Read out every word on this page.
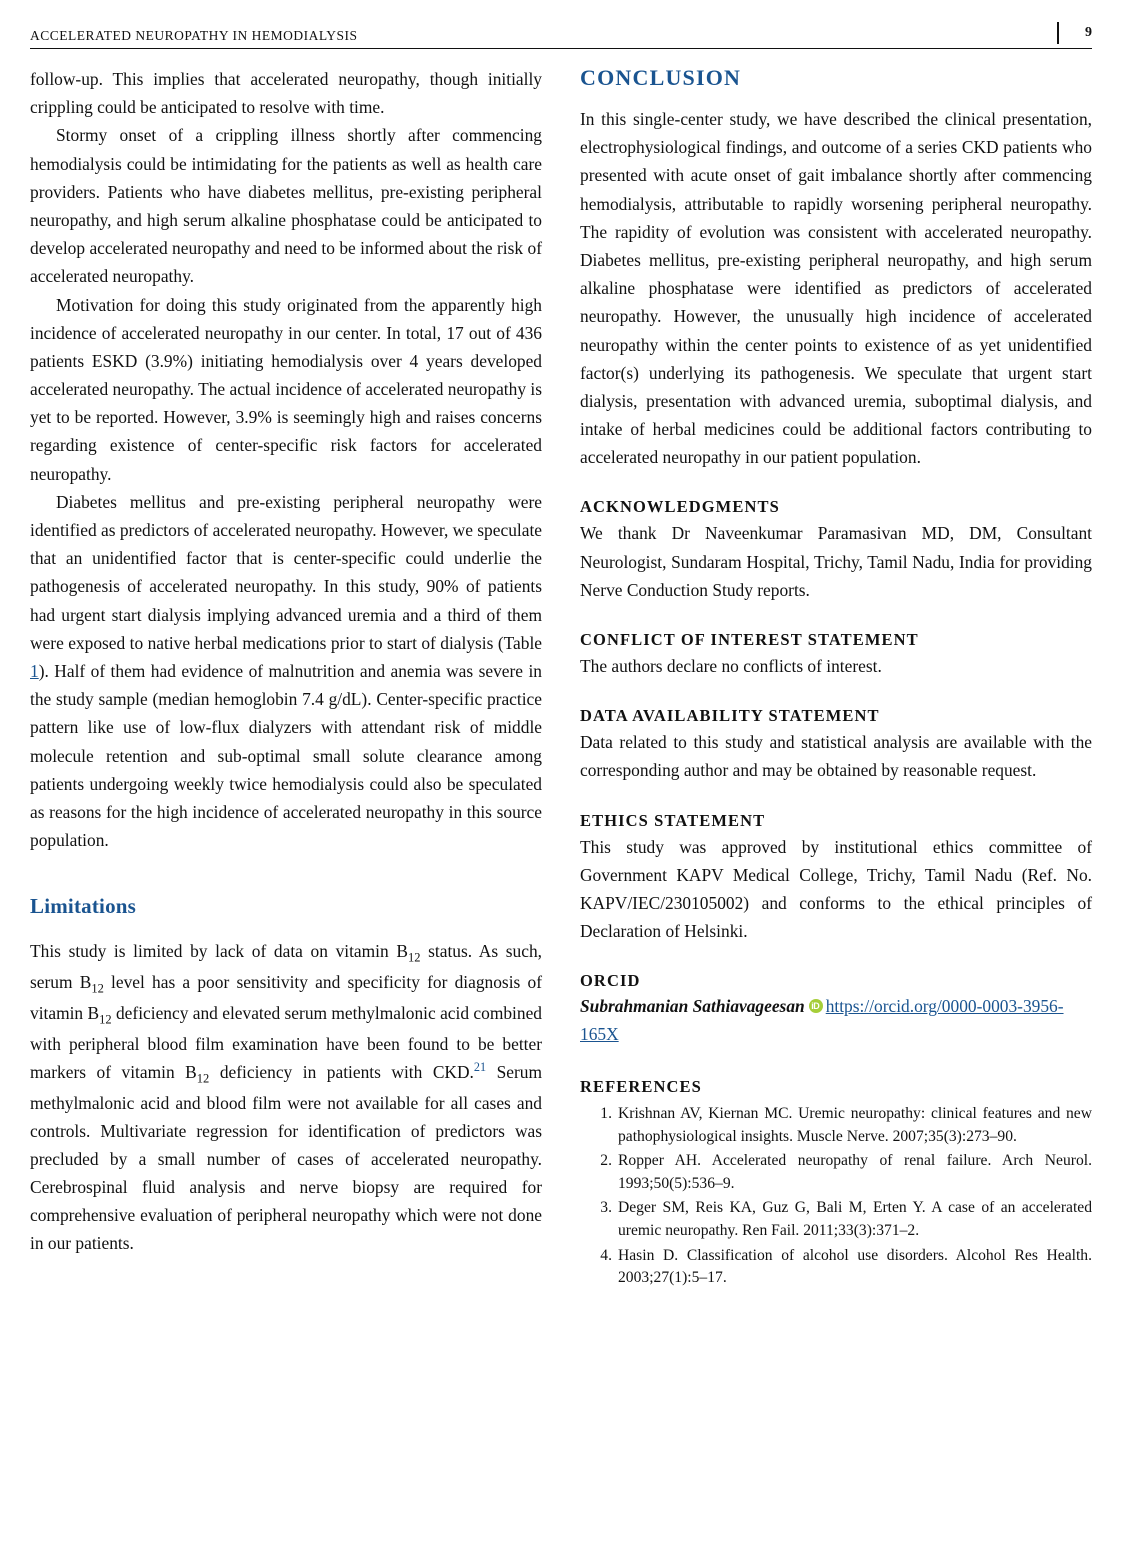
ACCELERATED NEUROPATHY IN HEMODIALYSIS	9

follow-up. This implies that accelerated neuropathy, though initially crippling could be anticipated to resolve with time.

Stormy onset of a crippling illness shortly after commencing hemodialysis could be intimidating for the patients as well as health care providers. Patients who have diabetes mellitus, pre-existing peripheral neuropathy, and high serum alkaline phosphatase could be anticipated to develop accelerated neuropathy and need to be informed about the risk of accelerated neuropathy.

Motivation for doing this study originated from the apparently high incidence of accelerated neuropathy in our center. In total, 17 out of 436 patients ESKD (3.9%) initiating hemodialysis over 4 years developed accelerated neuropathy. The actual incidence of accelerated neuropathy is yet to be reported. However, 3.9% is seemingly high and raises concerns regarding existence of center-specific risk factors for accelerated neuropathy.

Diabetes mellitus and pre-existing peripheral neuropathy were identified as predictors of accelerated neuropathy. However, we speculate that an unidentified factor that is center-specific could underlie the pathogenesis of accelerated neuropathy. In this study, 90% of patients had urgent start dialysis implying advanced uremia and a third of them were exposed to native herbal medications prior to start of dialysis (Table 1). Half of them had evidence of malnutrition and anemia was severe in the study sample (median hemoglobin 7.4 g/dL). Center-specific practice pattern like use of low-flux dialyzers with attendant risk of middle molecule retention and sub-optimal small solute clearance among patients undergoing weekly twice hemodialysis could also be speculated as reasons for the high incidence of accelerated neuropathy in this source population.

Limitations

This study is limited by lack of data on vitamin $B_{12}$ status. As such, serum $B_{12}$ level has a poor sensitivity and specificity for diagnosis of vitamin $B_{12}$ deficiency and elevated serum methylmalonic acid combined with peripheral blood film examination have been found to be better markers of vitamin $B_{12}$ deficiency in patients with CKD.$^{21}$ Serum methylmalonic acid and blood film were not available for all cases and controls. Multivariate regression for identification of predictors was precluded by a small number of cases of accelerated neuropathy. Cerebrospinal fluid analysis and nerve biopsy are required for comprehensive evaluation of peripheral neuropathy which were not done in our patients.

CONCLUSION

In this single-center study, we have described the clinical presentation, electrophysiological findings, and outcome of a series CKD patients who presented with acute onset of gait imbalance shortly after commencing hemodialysis, attributable to rapidly worsening peripheral neuropathy. The rapidity of evolution was consistent with accelerated neuropathy. Diabetes mellitus, pre-existing peripheral neuropathy, and high serum alkaline phosphatase were identified as predictors of accelerated neuropathy. However, the unusually high incidence of accelerated neuropathy within the center points to existence of as yet unidentified factor(s) underlying its pathogenesis. We speculate that urgent start dialysis, presentation with advanced uremia, suboptimal dialysis, and intake of herbal medicines could be additional factors contributing to accelerated neuropathy in our patient population.

ACKNOWLEDGMENTS

We thank Dr Naveenkumar Paramasivan MD, DM, Consultant Neurologist, Sundaram Hospital, Trichy, Tamil Nadu, India for providing Nerve Conduction Study reports.

CONFLICT OF INTEREST STATEMENT

The authors declare no conflicts of interest.

DATA AVAILABILITY STATEMENT

Data related to this study and statistical analysis are available with the corresponding author and may be obtained by reasonable request.

ETHICS STATEMENT

This study was approved by institutional ethics committee of Government KAPV Medical College, Trichy, Tamil Nadu (Ref. No. KAPV/IEC/230105002) and conforms to the ethical principles of Declaration of Helsinki.

ORCID
Subrahmanian Sathiavageesan iD https://orcid.org/0000-0003-3956-165X
REFERENCES
Krishnan AV, Kiernan MC. Uremic neuropathy: clinical features and new pathophysiological insights. Muscle Nerve. 2007;35(3):273–90.
Ropper AH. Accelerated neuropathy of renal failure. Arch Neurol. 1993;50(5):536–9.
Deger SM, Reis KA, Guz G, Bali M, Erten Y. A case of an accelerated uremic neuropathy. Ren Fail. 2011;33(3):371–2.
Hasin D. Classification of alcohol use disorders. Alcohol Res Health. 2003;27(1):5–17.
